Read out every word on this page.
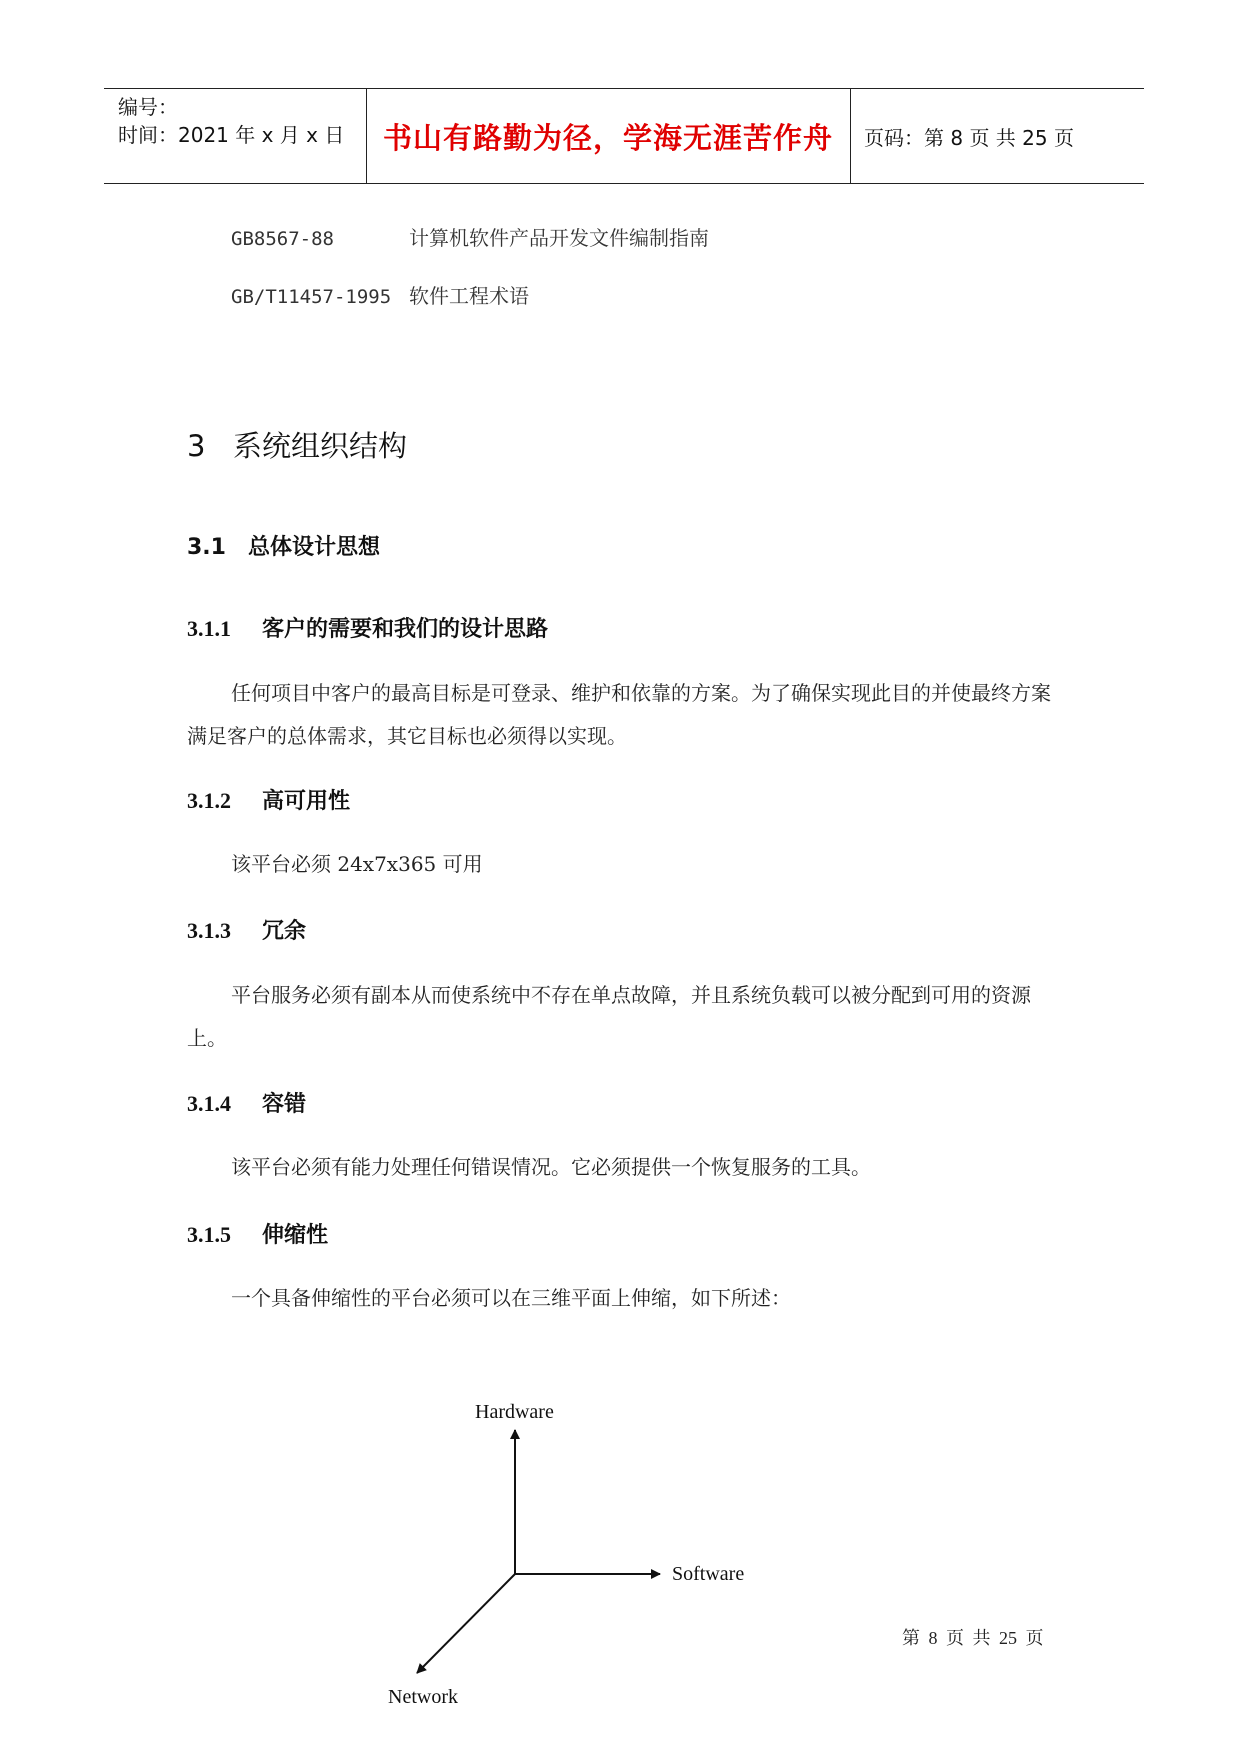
编号：
时间：2021 年 x 月 x 日	书山有路勤为径，学海无涯苦作舟	页码：第 8 页 共 25 页
GB8567-88	计算机软件产品开发文件编制指南
GB/T11457-1995 软件工程术语
3 系统组织结构
3.1 总体设计思想
3.1.1 客户的需要和我们的设计思路
任何项目中客户的最高目标是可登录、维护和依靠的方案。为了确保实现此目的并使最终方案满足客户的总体需求，其它目标也必须得以实现。
3.1.2 高可用性
该平台必须 24x7x365 可用
3.1.3 冗余
平台服务必须有副本从而使系统中不存在单点故障，并且系统负载可以被分配到可用的资源上。
3.1.4 容错
该平台必须有能力处理任何错误情况。它必须提供一个恢复服务的工具。
3.1.5 伸缩性
一个具备伸缩性的平台必须可以在三维平面上伸缩，如下所述：
Hardware
Software
Network
第 8 页 共 25 页
